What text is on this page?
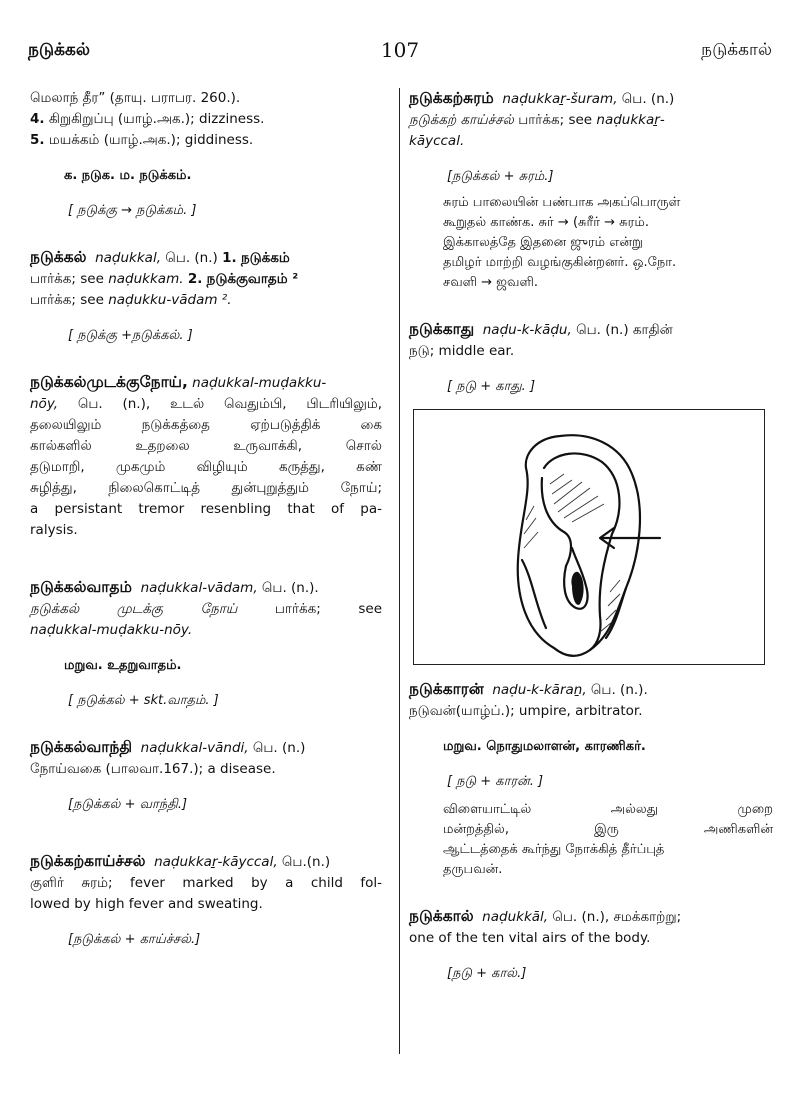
நடுக்கல்	107	நடுக்கால்
மெலாந் தீர” (தாயு. பராபர. 260.).
4. கிறுகிறுப்பு (யாழ்.அக.); dizziness.
5. மயக்கம் (யாழ்.அக.); giddiness.
க. நடுக. ம. நடுக்கம்.
[ நடுக்கு → நடுக்கம். ]
நடுக்கல் naḍukkal, பெ. (n.) 1. நடுக்கம்
பார்க்க; see naḍukkam. 2. நடுக்குவாதம் ²
பார்க்க; see naḍukku-vādam ².
[ நடுக்கு +நடுக்கல். ]
நடுக்கல்முடக்குநோய், naḍukkal-muḍakku-
nōy, பெ. (n.), உடல் வெதும்பி, பிடரியிலும்,
தலையிலும் நடுக்கத்தை ஏற்படுத்திக் கை
கால்களில் உதறலை உருவாக்கி, சொல்
தடுமாறி, முகமும் விழியும் கருத்து, கண்
சுழித்து, நிலைகொட்டித் துன்புறுத்தும் நோய்;
a persistant tremor resenbling that of pa-
ralysis.
நடுக்கல்வாதம் naḍukkal-vādam, பெ. (n.).
நடுக்கல் முடக்கு நோய்	பார்க்க; see
naḍukkal-muḍakku-nōy.
மறுவ. உதறுவாதம்.
[ நடுக்கல் + skt.வாதம். ]
நடுக்கல்வாந்தி naḍukkal-vāndi, பெ. (n.)
நோய்வகை (பாலவா.167.); a disease.
[நடுக்கல் + வாந்தி.]
நடுக்கற்காய்ச்சல் naḍukkaṟ-kāyccal, பெ.(n.)
குளிர் சுரம்; fever marked by a child fol-
lowed by high fever and sweating.
[நடுக்கல் + காய்ச்சல்.]
நடுக்கற்சுரம் naḍukkaṟ-šuram, பெ. (n.)
நடுக்கற் காய்ச்சல் பார்க்க; see naḍukkaṟ-
kāyccal.
[நடுக்கல் + சுரம்.]
சுரம் பாலையின் பண்பாக அகப்பொருள்
கூறுதல் காண்க. சுர் → (சுரீர் → சுரம்.
இக்காலத்தே இதனை ஜுரம் என்று
தமிழர் மாற்றி வழங்குகின்றனர். ஒ.நோ.
சவளி → ஜவளி.
நடுக்காது naḍu-k-kāḍu, பெ. (n.) காதின்
நடு; middle ear.
[ நடு + காது. ]
நடுக்காரன் naḍu-k-kāraṉ, பெ. (n.).
நடுவன்(யாழ்ப்.); umpire, arbitrator.
மறுவ. நொதுமலாளன், காரணிகர்.
[ நடு + காரன். ]
விளையாட்டில் அல்லது முறை
மன்றத்தில், இரு அணிகளின்
ஆட்டத்தைக் கூர்ந்து நோக்கித் தீர்ப்புத்
தருபவன்.
நடுக்கால் naḍukkāl, பெ. (n.), சமக்காற்று;
one of the ten vital airs of the body.
[நடு + கால்.]
